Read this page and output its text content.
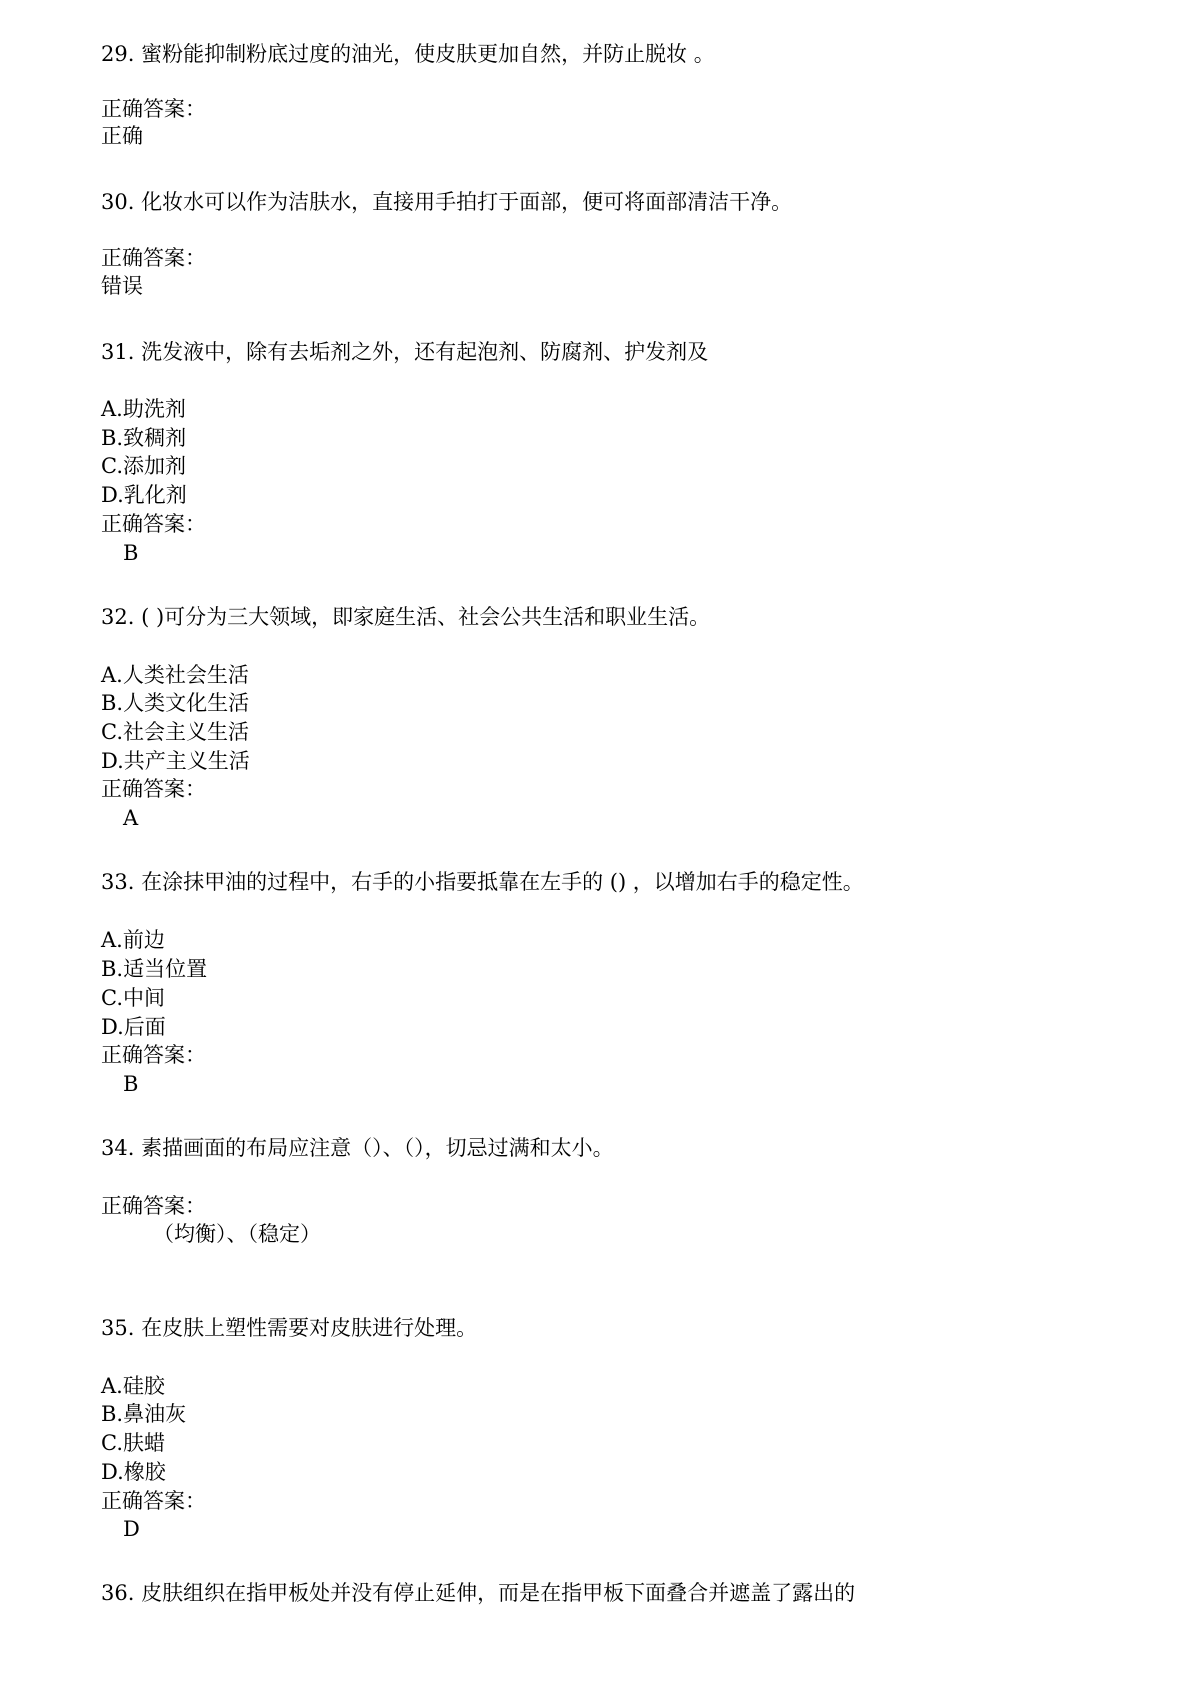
29. 蜜粉能抑制粉底过度的油光，使皮肤更加自然，并防止脱妆 。
正确答案：
正确
30. 化妆水可以作为洁肤水，直接用手拍打于面部，便可将面部清洁干净。
正确答案：
错误
31. 洗发液中，除有去垢剂之外，还有起泡剂、防腐剂、护发剂及
A.助洗剂
B.致稠剂
C.添加剂
D.乳化剂
正确答案：
B
32. ( )可分为三大领域，即家庭生活、社会公共生活和职业生活。
A.人类社会生活
B.人类文化生活
C.社会主义生活
D.共产主义生活
正确答案：
A
33. 在涂抹甲油的过程中，右手的小指要抵靠在左手的 () ，以增加右手的稳定性。
A.前边
B.适当位置
C.中间
D.后面
正确答案：
B
34. 素描画面的布局应注意（）、（），切忌过满和太小。
正确答案：
（均衡）、（稳定）
35. 在皮肤上塑性需要对皮肤进行处理。
A.硅胶
B.鼻油灰
C.肤蜡
D.橡胶
正确答案：
D
36. 皮肤组织在指甲板处并没有停止延伸，而是在指甲板下面叠合并遮盖了露出的
